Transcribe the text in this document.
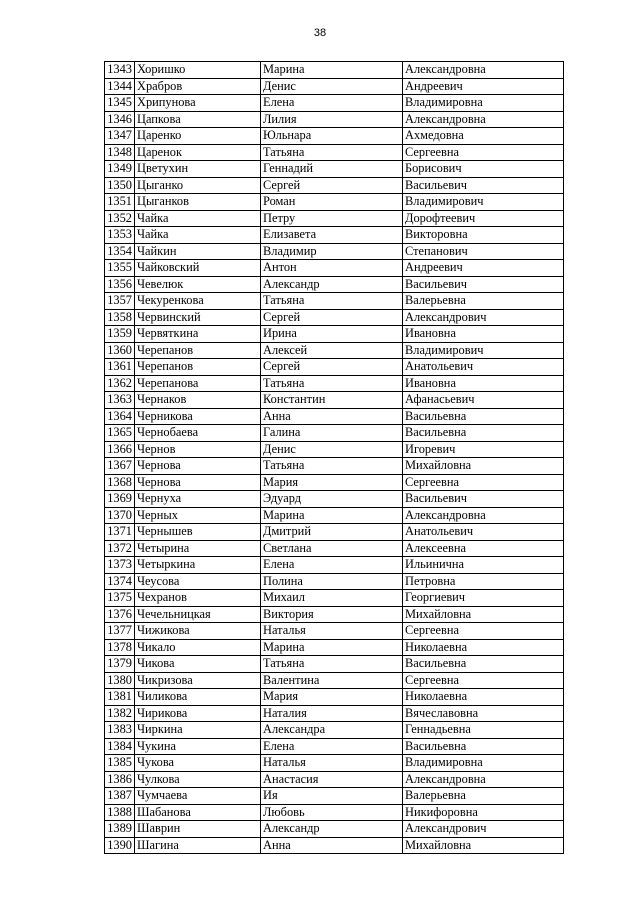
38
1343	Хоришко	Марина	Александровна
1344	Храбров	Денис	Андреевич
1345	Хрипунова	Елена	Владимировна
1346	Цапкова	Лилия	Александровна
1347	Царенко	Юльнара	Ахмедовна
1348	Царенок	Татьяна	Сергеевна
1349	Цветухин	Геннадий	Борисович
1350	Цыганко	Сергей	Васильевич
1351	Цыганков	Роман	Владимирович
1352	Чайка	Петру	Дорофтеевич
1353	Чайка	Елизавета	Викторовна
1354	Чайкин	Владимир	Степанович
1355	Чайковский	Антон	Андреевич
1356	Чевелюк	Александр	Васильевич
1357	Чекуренкова	Татьяна	Валерьевна
1358	Червинский	Сергей	Александрович
1359	Червяткина	Ирина	Ивановна
1360	Черепанов	Алексей	Владимирович
1361	Черепанов	Сергей	Анатольевич
1362	Черепанова	Татьяна	Ивановна
1363	Чернаков	Константин	Афанасьевич
1364	Черникова	Анна	Васильевна
1365	Чернобаева	Галина	Васильевна
1366	Чернов	Денис	Игоревич
1367	Чернова	Татьяна	Михайловна
1368	Чернова	Мария	Сергеевна
1369	Чернуха	Эдуард	Васильевич
1370	Черных	Марина	Александровна
1371	Чернышев	Дмитрий	Анатольевич
1372	Четырина	Светлана	Алексеевна
1373	Четыркина	Елена	Ильинична
1374	Чеусова	Полина	Петровна
1375	Чехранов	Михаил	Георгиевич
1376	Чечельницкая	Виктория	Михайловна
1377	Чижикова	Наталья	Сергеевна
1378	Чикало	Марина	Николаевна
1379	Чикова	Татьяна	Васильевна
1380	Чикризова	Валентина	Сергеевна
1381	Чиликова	Мария	Николаевна
1382	Чирикова	Наталия	Вячеславовна
1383	Чиркина	Александра	Геннадьевна
1384	Чукина	Елена	Васильевна
1385	Чукова	Наталья	Владимировна
1386	Чулкова	Анастасия	Александровна
1387	Чумчаева	Ия	Валерьевна
1388	Шабанова	Любовь	Никифоровна
1389	Шаврин	Александр	Александрович
1390	Шагина	Анна	Михайловна
